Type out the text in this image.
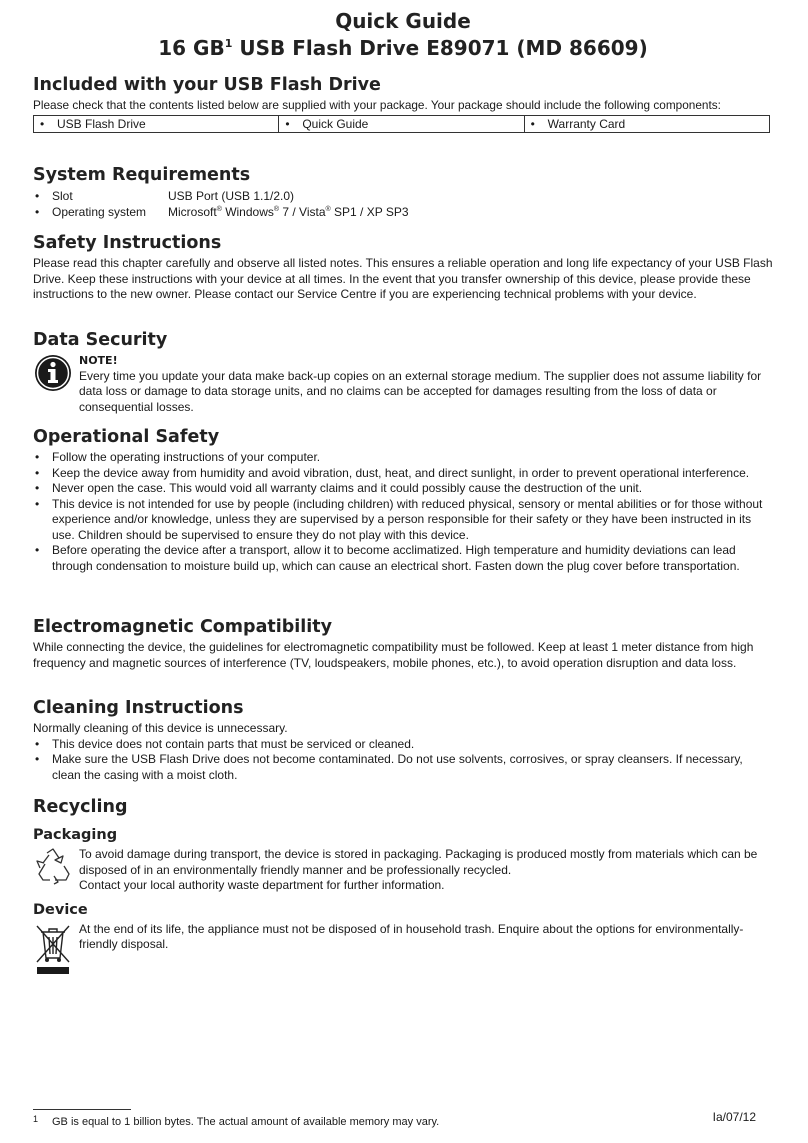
Quick Guide
16 $GB^1$ USB Flash Drive E89071 (MD 86609)
Included with your USB Flash Drive

Please check that the contents listed below are supplied with your package. Your package should include the following components:

• USB Flash Drive	•Quick Guide	•Warranty Card
System Requirements
• Slot	USB Port (USB 1.1/2.0)
• Operating system	Microsoft® Windows® 7 / Vista® SP1 / XP SP3
Safety Instructions

Please read this chapter carefully and observe all listed notes. This ensures a reliable operation and long life expectancy of your USB Flash Drive. Keep these instructions with your device at all times. In the event that you transfer ownership of this device, please provide these instructions to the new owner. Please contact our Service Centre if you are experiencing technical problems with your device.

Data Security
NOTE!

Every time you update your data make back-up copies on an external storage medium. The supplier does not assume liability for data loss or damage to data storage units, and no claims can be accepted for damages resulting from the loss of data or consequential losses.

Operational Safety
• Follow the operating instructions of your computer.
• Keep the device away from humidity and avoid vibration, dust, heat, and direct sunlight, in order to prevent operational interference.
• Never open the case. This would void all warranty claims and it could possibly cause the destruction of the unit.
• This device is not intended for use by people (including children) with reduced physical, sensory or mental abilities or for those without experience and/or knowledge, unless they are supervised by a person responsible for their safety or they have been instructed in its use. Children should be supervised to ensure they do not play with this device.
• Before operating the device after a transport, allow it to become acclimatized. High temperature and humidity deviations can lead through condensation to moisture build up, which can cause an electrical short. Fasten down the plug cover before transportation.
Electromagnetic Compatibility

While connecting the device, the guidelines for electromagnetic compatibility must be followed. Keep at least 1 meter distance from high frequency and magnetic sources of interference (TV, loudspeakers, mobile phones, etc.), to avoid operation disruption and data loss.

Cleaning Instructions

Normally cleaning of this device is unnecessary.

• This device does not contain parts that must be serviced or cleaned.
• Make sure the USB Flash Drive does not become contaminated. Do not use solvents, corrosives, or spray cleansers. If necessary, clean the casing with a moist cloth.
Recycling
Packaging

To avoid damage during transport, the device is stored in packaging. Packaging is produced mostly from materials which can be disposed of in an environmentally friendly manner and be professionally recycled.

Contact your local authority waste department for further information.

Device

At the end of its life, the appliance must not be disposed of in household trash. Enquire about the options for environmentally-friendly disposal.

1 GB is equal to 1 billion bytes. The actual amount of available memory may vary.	Ia/07/12
